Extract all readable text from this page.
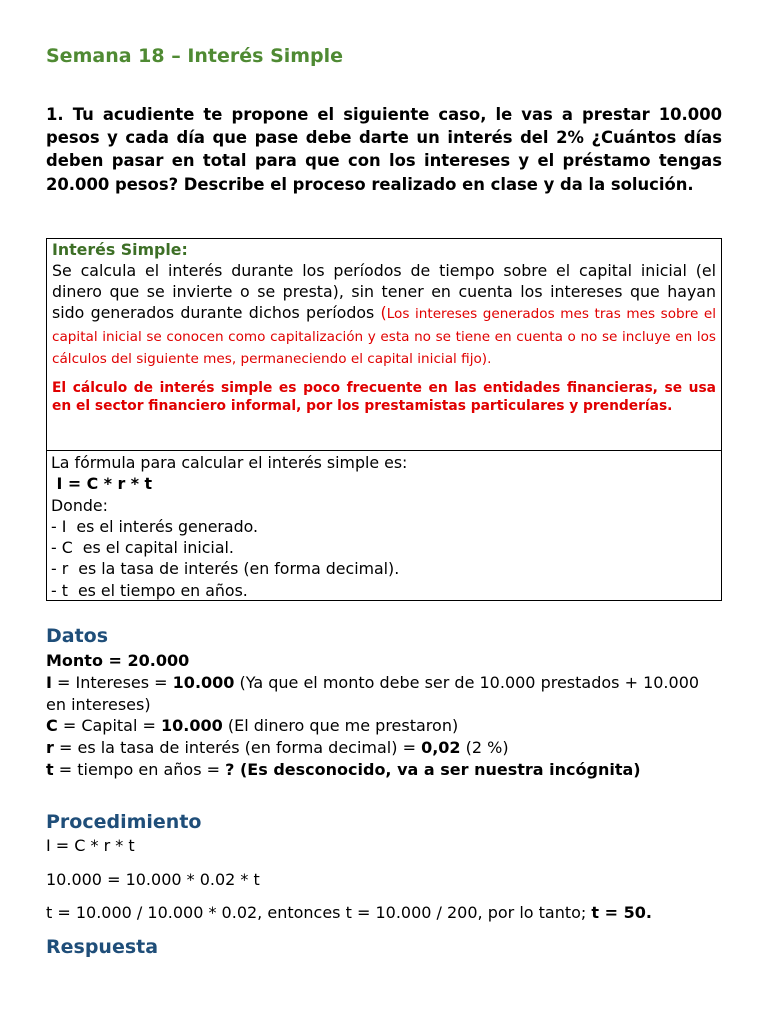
Semana 18 – Interés Simple
1. Tu acudiente te propone el siguiente caso, le vas a prestar 10.000 pesos y cada día que pase debe darte un interés del 2% ¿Cuántos días deben pasar en total para que con los intereses y el préstamo tengas 20.000 pesos? Describe el proceso realizado en clase y da la solución.
Interés Simple:
Se calcula el interés durante los períodos de tiempo sobre el capital inicial (el dinero que se invierte o se presta), sin tener en cuenta los intereses que hayan sido generados durante dichos períodos (Los intereses generados mes tras mes sobre el capital inicial se conocen como capitalización y esta no se tiene en cuenta o no se incluye en los cálculos del siguiente mes, permaneciendo el capital inicial fijo).
El cálculo de interés simple es poco frecuente en las entidades financieras, se usa en el sector financiero informal, por los prestamistas particulares y prenderías.
La fórmula para calcular el interés simple es:
I = C * r * t
Donde:
- I  es el interés generado.
- C  es el capital inicial.
- r  es la tasa de interés (en forma decimal).
- t  es el tiempo en años.
Datos
Monto = 20.000
I = Intereses = 10.000 (Ya que el monto debe ser de 10.000 prestados + 10.000 en intereses)
C = Capital = 10.000 (El dinero que me prestaron)
r = es la tasa de interés (en forma decimal) = 0,02 (2 %)
t = tiempo en años = ? (Es desconocido, va a ser nuestra incógnita)
Procedimiento
I = C * r * t
10.000 = 10.000 * 0.02 * t
t = 10.000 / 10.000 * 0.02, entonces t = 10.000 / 200, por lo tanto; t = 50.
Respuesta
